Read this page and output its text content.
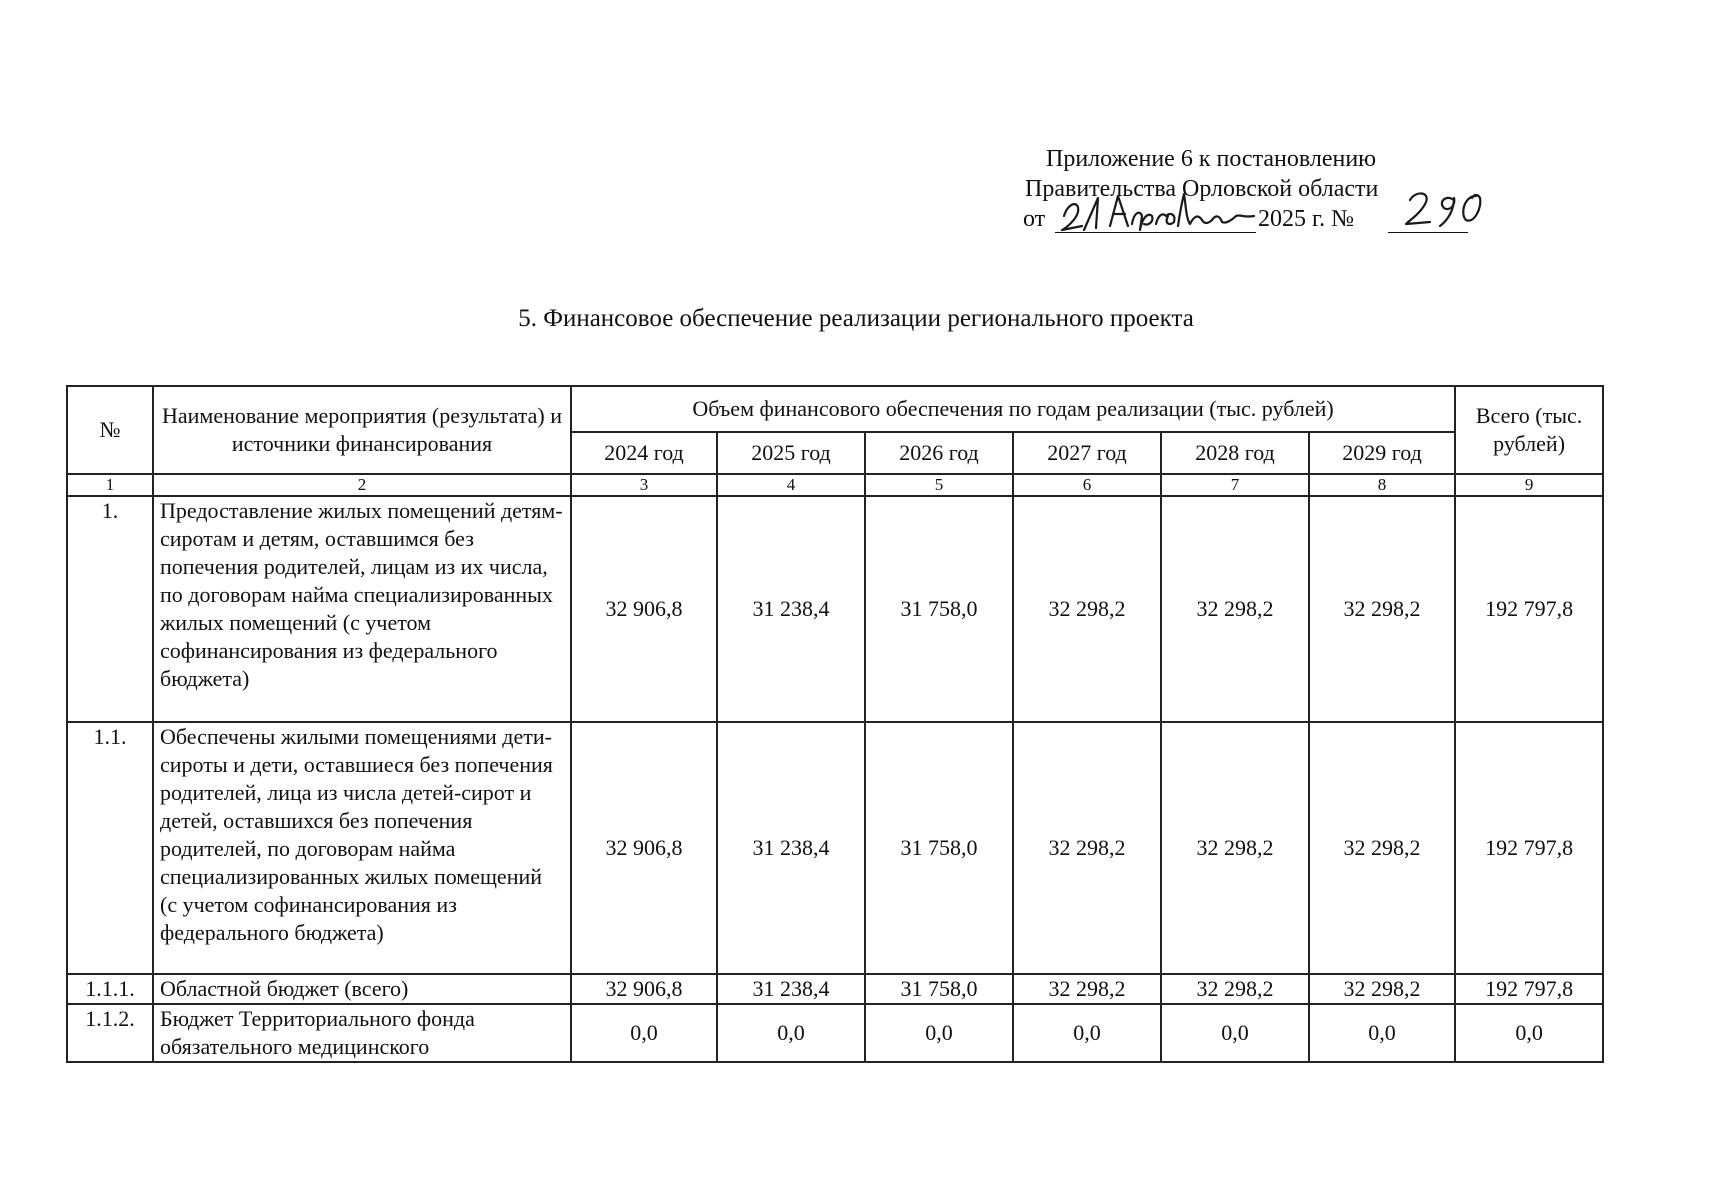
Приложение 6 к постановлению
Правительства Орловской области
от	2025 г. №
5. Финансовое обеспечение реализации регионального проекта
№	Наименование мероприятия (результата) и источники финансирования	Объем финансового обеспечения по годам реализации (тыс. рублей)						Всего (тыс. рублей)
		2024 год	2025 год	2026 год	2027 год	2028 год	2029 год	
1	2	3	4	5	6	7	8	9
1.	Предоставление жилых помещений детям-сиротам и детям, оставшимся без попечения родителей, лицам из их числа, по договорам найма специализированных жилых помещений (с учетом софинансирования из федерального бюджета)	32 906,8	31 238,4	31 758,0	32 298,2	32 298,2	32 298,2	192 797,8
1.1.	Обеспечены жилыми помещениями дети-сироты и дети, оставшиеся без попечения родителей, лица из числа детей-сирот и детей, оставшихся без попечения родителей, по договорам найма специализированных жилых помещений (с учетом софинансирования из федерального бюджета)	32 906,8	31 238,4	31 758,0	32 298,2	32 298,2	32 298,2	192 797,8
1.1.1.	Областной бюджет (всего)	32 906,8	31 238,4	31 758,0	32 298,2	32 298,2	32 298,2	192 797,8
1.1.2.	Бюджет Территориального фонда обязательного медицинского	0,0	0,0	0,0	0,0	0,0	0,0	0,0
